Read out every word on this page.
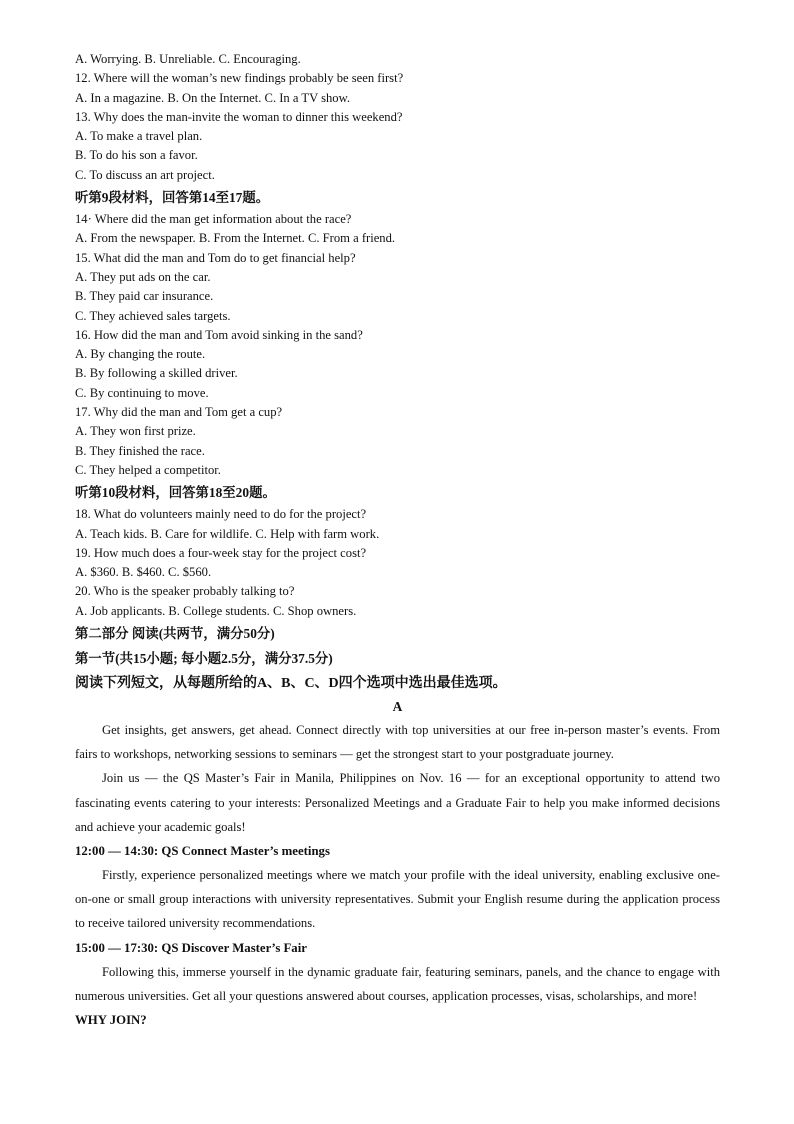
A. Worrying. B. Unreliable. C. Encouraging.
12. Where will the woman’s new findings probably be seen first?
A. In a magazine. B. On the Internet. C. In a TV show.
13. Why does the man-invite the woman to dinner this weekend?
A. To make a travel plan.
B. To do his son a favor.
C. To discuss an art project.
听第9段材料，回答第14至17题。
14· Where did the man get information about the race?
A. From the newspaper. B. From the Internet. C. From a friend.
15. What did the man and Tom do to get financial help?
A. They put ads on the car.
B. They paid car insurance.
C. They achieved sales targets.
16. How did the man and Tom avoid sinking in the sand?
A. By changing the route.
B. By following a skilled driver.
C. By continuing to move.
17. Why did the man and Tom get a cup?
A. They won first prize.
B. They finished the race.
C. They helped a competitor.
听第10段材料，回答第18至20题。
18. What do volunteers mainly need to do for the project?
A. Teach kids. B. Care for wildlife. C. Help with farm work.
19. How much does a four-week stay for the project cost?
A. $360. B. $460. C. $560.
20. Who is the speaker probably talking to?
A. Job applicants. B. College students. C. Shop owners.
第二部分 阅读(共两节，满分50分)
第一节(共15小题; 每小题2.5分，满分37.5分)
阅读下列短文，从每题所给的A、B、C、D四个选项中选出最佳选项。
A

Get insights, get answers, get ahead. Connect directly with top universities at our free in-person master’s events. From fairs to workshops, networking sessions to seminars — get the strongest start to your postgraduate journey.

Join us — the QS Master’s Fair in Manila, Philippines on Nov. 16 — for an exceptional opportunity to attend two fascinating events catering to your interests: Personalized Meetings and a Graduate Fair to help you make informed decisions and achieve your academic goals!

12:00 — 14:30: QS Connect Master’s meetings

Firstly, experience personalized meetings where we match your profile with the ideal university, enabling exclusive one-on-one or small group interactions with university representatives. Submit your English resume during the application process to receive tailored university recommendations.

15:00 — 17:30: QS Discover Master’s Fair

Following this, immerse yourself in the dynamic graduate fair, featuring seminars, panels, and the chance to engage with numerous universities. Get all your questions answered about courses, application processes, visas, scholarships, and more!

WHY JOIN?
